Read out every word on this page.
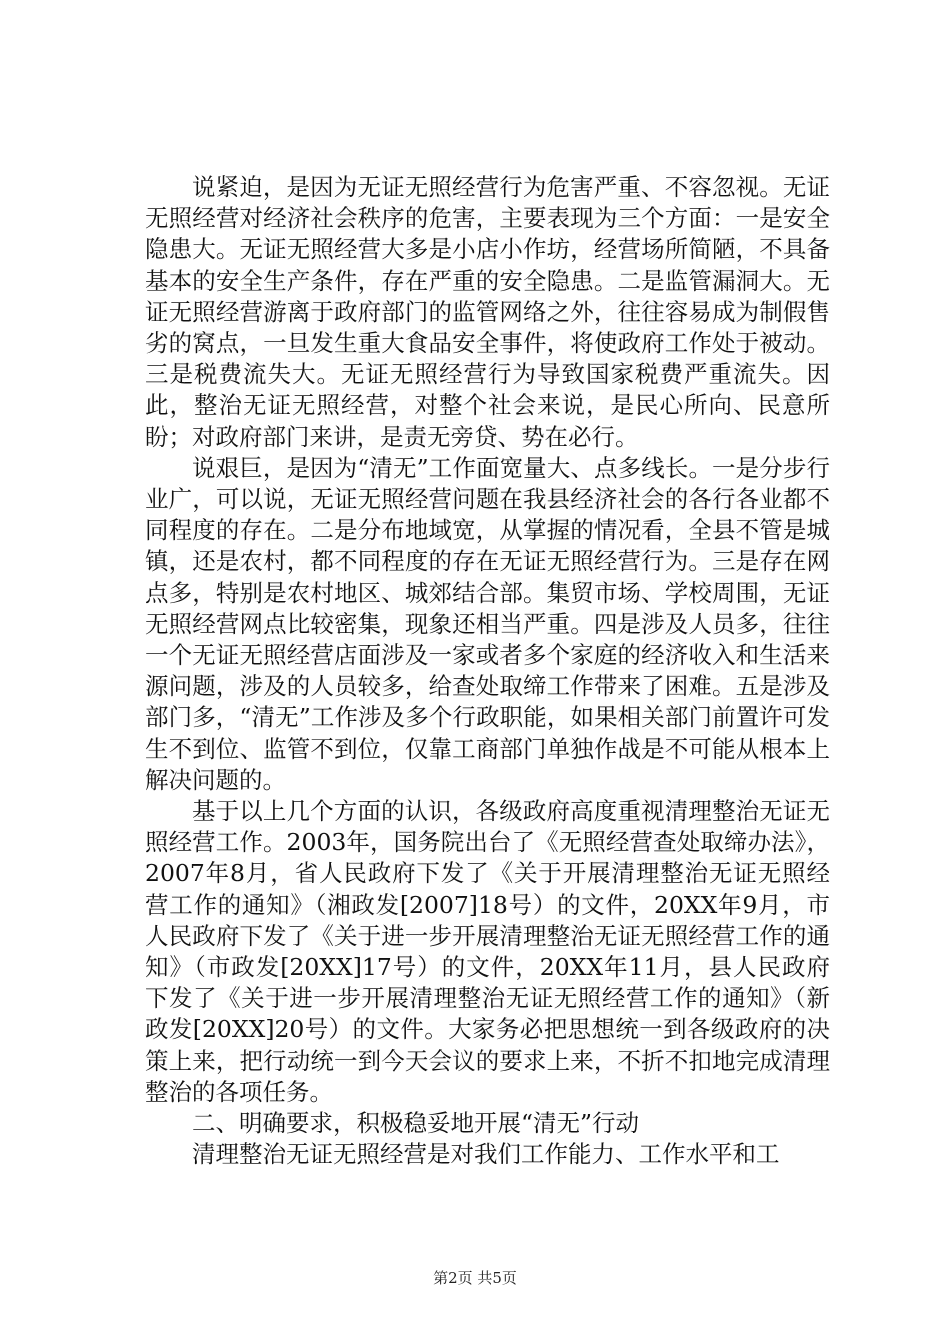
说紧迫，是因为无证无照经营行为危害严重、不容忽视。无证无照经营对经济社会秩序的危害，主要表现为三个方面：一是安全隐患大。无证无照经营大多是小店小作坊，经营场所简陋，不具备基本的安全生产条件，存在严重的安全隐患。二是监管漏洞大。无证无照经营游离于政府部门的监管网络之外，往往容易成为制假售劣的窝点，一旦发生重大食品安全事件，将使政府工作处于被动。三是税费流失大。无证无照经营行为导致国家税费严重流失。因此，整治无证无照经营，对整个社会来说，是民心所向、民意所盼；对政府部门来讲，是责无旁贷、势在必行。

说艰巨，是因为“清无”工作面宽量大、点多线长。一是分步行业广，可以说，无证无照经营问题在我县经济社会的各行各业都不同程度的存在。二是分布地域宽，从掌握的情况看，全县不管是城镇，还是农村，都不同程度的存在无证无照经营行为。三是存在网点多，特别是农村地区、城郊结合部。集贸市场、学校周围，无证无照经营网点比较密集，现象还相当严重。四是涉及人员多，往往一个无证无照经营店面涉及一家或者多个家庭的经济收入和生活来源问题，涉及的人员较多，给查处取缔工作带来了困难。五是涉及部门多，“清无”工作涉及多个行政职能，如果相关部门前置许可发生不到位、监管不到位，仅靠工商部门单独作战是不可能从根本上解决问题的。

基于以上几个方面的认识，各级政府高度重视清理整治无证无照经营工作。2003年，国务院出台了《无照经营查处取缔办法》，2007年8月，省人民政府下发了《关于开展清理整治无证无照经营工作的通知》（湘政发[2007]18号）的文件，20XX年9月，市人民政府下发了《关于进一步开展清理整治无证无照经营工作的通知》（市政发[20XX]17号）的文件，20XX年11月，县人民政府下发了《关于进一步开展清理整治无证无照经营工作的通知》（新政发[20XX]20号）的文件。大家务必把思想统一到各级政府的决策上来，把行动统一到今天会议的要求上来，不折不扣地完成清理整治的各项任务。

二、明确要求，积极稳妥地开展“清无”行动

清理整治无证无照经营是对我们工作能力、工作水平和工

第2页 共5页
